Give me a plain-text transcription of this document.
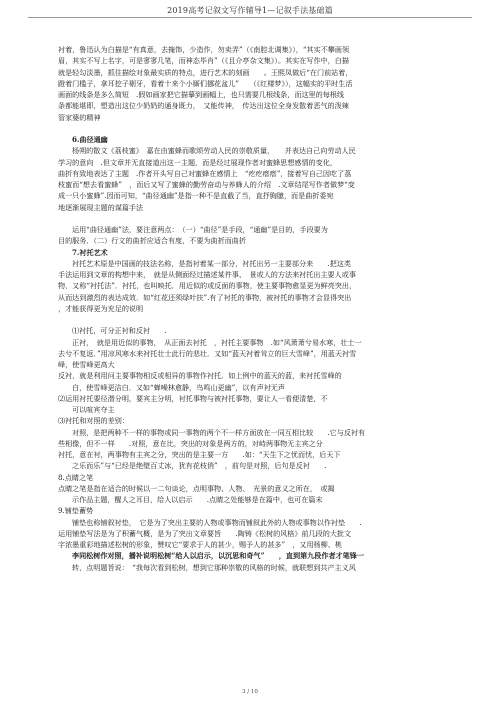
2019高考记叙文写作辅导1—记叙手法基础篇
衬着，鲁迅认为白描是“有真意，去掩饰，少造作，勿卖弄”（《南腔北调集》），“其实不攀画领
眉，其实不写上名字，可是寥寥几笔，而神态毕肖”（《且介亭杂文集》）。其实在写作中，白描
就是轻勾淡墨，抓住描绘对象最实质的特点，进行艺术的刻画　　。王熙凤做后“在门前站着，
蹬着门槛子，拿耳挖子剔牙，看着十来个小厮们挪花盆儿”　　（《红楼梦》），这幅实的平时生活
画面的线条是多么简短　.假如画家把它描摹到画幅上，也只需要几根线条，而这里的每根线
条都能堪即，塑造出这位少奶奶的通身既力，　又能传神，　传达出这位全身发散着恶气的泼辣
管家婆的精神
6.曲径通幽
杨朔的散文《荔枝蜜》　嘉在由蜜蜂而歌颂劳动人民的崇敬质量，　　并表达自己向劳动人民
学习的意向　.但文章并无直接道出这一主题，而是经过展现作者对蜜蜂思想感情的变化，
曲折有致地表达了主题　.作者开头写自己对蜜蜂在感情上　“疙疙瘩瘩”，接着写自己因吃了荔
枝蜜而“想去看蜜蜂”　，而后又写了蜜蜂的勤劳奋动与养蜂人的介绍　.文章结尾写作者做梦“变
成一只小蜜蜂”.因而可知，“曲径通幽”是指一种不是直截了当，直抒胸臆，而是曲折委宛
地逐渐展现主题的谋篇手法
运用“曲径通幽”法，要注意两点：　（一）“曲径”是手段，“通幽”是目的，手段要为
目的服务．（二）行文的曲折应适合有度，不要为曲折而曲折
7.衬托艺术
衬托艺术原是中国画的技法名称，是指衬着某一部分，衬托出另一主要部分来　　.把这类
手法运用到文章的构想中来，　就是从侧面经过描述某件事、　景或人的方法来衬托出主要人或事
物，又称“衬托法”．衬托，也叫映托．用近似的或反面的事物，使主要事物愈显更为鲜亮突出，
从而达到激烈的表达成效．如“红花还须绿叶扶”.有了衬托的事物，被衬托的事物才会显得突出
，才能获得更为充足的说明
⑴衬托，可分正衬和反衬　　.
正衬，　就是用近似的事物，　从正面去衬托　，衬托主要事物　.如“风萧萧兮易水寒，壮士一
去兮不复返．”用凉风寒水来衬托壮士此行的悲壮．又如“蓝天衬着耸立的巨大雪峰”，用蓝天衬雪
峰，使雪峰更高大
反衬，就是利用问主要事物相反或相异的事物作衬托．如上例中的蓝天的蓝，来衬托雪峰的
白，使雪峰更洁白．又如“蝉噪林愈静，鸟鸣山更幽”，以有声衬无声
⑵运用衬托要径潜分明，要宾主分明，衬托事物与被衬托事物，要让人一看便清楚，不
可以喧宾夺主
⑶衬托和对照的差别：
对照，是把两种不一样的事物或同一事物的两个不一样方面放在一同互相比较　　.它与反衬有
些相像，但不一样　　.对照，意在比，突出的对象是两方的，对峙两事物无主宾之分
衬托，意在衬，两事物有主宾之分，突出的是主要一方　　.如：“天生下之忧而忧，后天下
之乐而乐”与“已经是绝壁百丈冰，犹有花枝俏”　，前句是对照，后句是反衬　　.
8.点睛之笔
点睛之笔是指在适合的时候以一二句谈论，点明事物、人物、　光景的意义之所在，　或揭
示作品主题，醒人之耳目，给人以启示　　.点睛之处能够是在篇中，也可在篇末
9.铺垫蓄势
铺垫也称铺叙衬垫，　它是为了突出主要的人物或事物而铺叙此外的人物或事物以作衬垫　　.
运用铺垫写法是为了积蓄气概，是为了突出文章要旨　　.陶铸《松树的风格》前几段的大批文
字浓墨重彩地描述松树的形象，赞叹它“要求于人的甚少，赐予人的甚多”　，又用杨柳、桃
李同松树作对照，播补说明松树“给人以启示，以沉思和奇气”　　，直到第九段作者才笔锋一
转，点明题旨说：　“我每次看到松树，想到它那种崇敬的风格的时候，就联想到共产主义风
3 / 10
